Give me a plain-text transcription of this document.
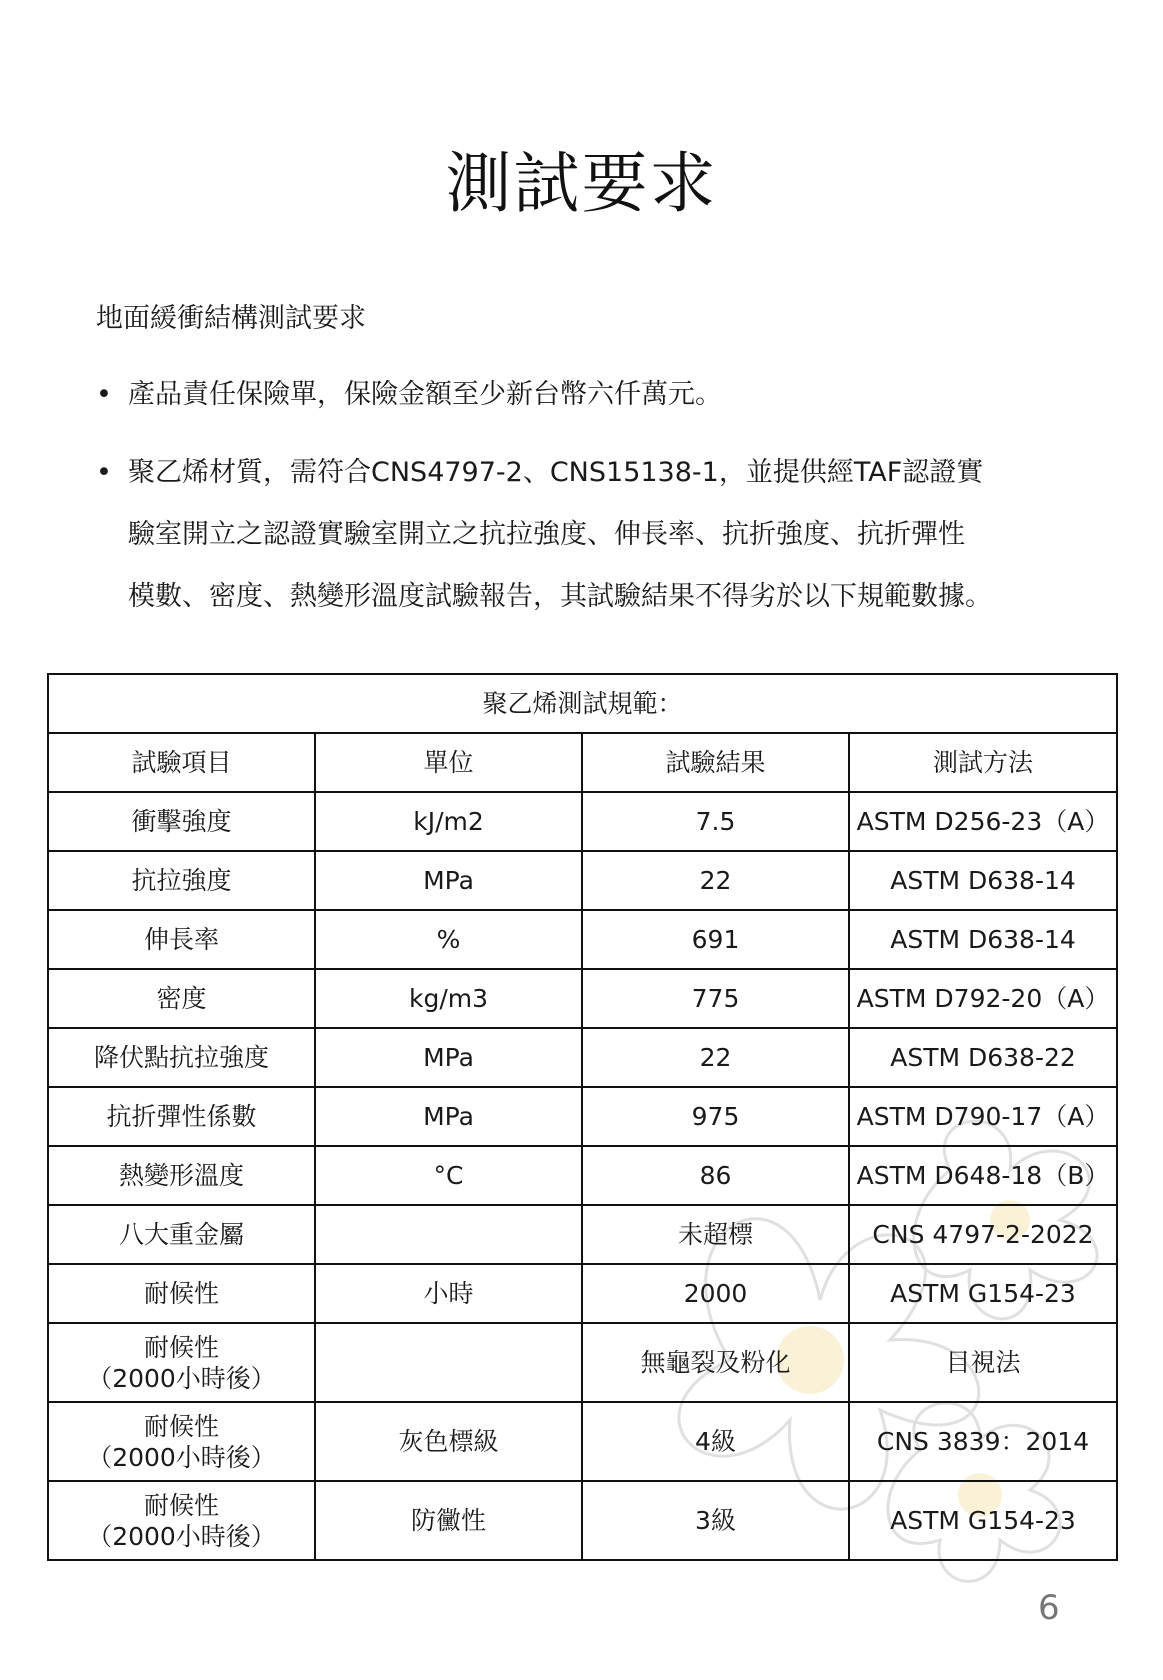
測試要求
地面緩衝結構測試要求
• 產品責任保險單，保險金額至少新台幣六仟萬元。
• 聚乙烯材質，需符合CNS4797-2、CNS15138-1，並提供經TAF認證實
驗室開立之認證實驗室開立之抗拉強度、伸長率、抗折強度、抗折彈性
模數、密度、熱變形溫度試驗報告，其試驗結果不得劣於以下規範數據。
聚乙烯測試規範：			
試驗項目	單位	試驗結果	測試方法
衝擊強度	kJ/m2	7.5	ASTM D256-23（A）
抗拉強度	MPa	22	ASTM D638-14
伸長率	%	691	ASTM D638-14
密度	kg/m3	775	ASTM D792-20（A）
降伏點抗拉強度	MPa	22	ASTM D638-22
抗折彈性係數	MPa	975	ASTM D790-17（A）
熱變形溫度	°C	86	ASTM D648-18（B）
八大重金屬		未超標	CNS 4797-2-2022
耐候性	小時	2000	ASTM G154-23

耐候性
（2000小時後）		無龜裂及粉化	目視法

耐候性
（2000小時後）	灰色標級	4級	CNS 3839：2014

耐候性
（2000小時後）	防黴性	3級	ASTM G154-23
6
